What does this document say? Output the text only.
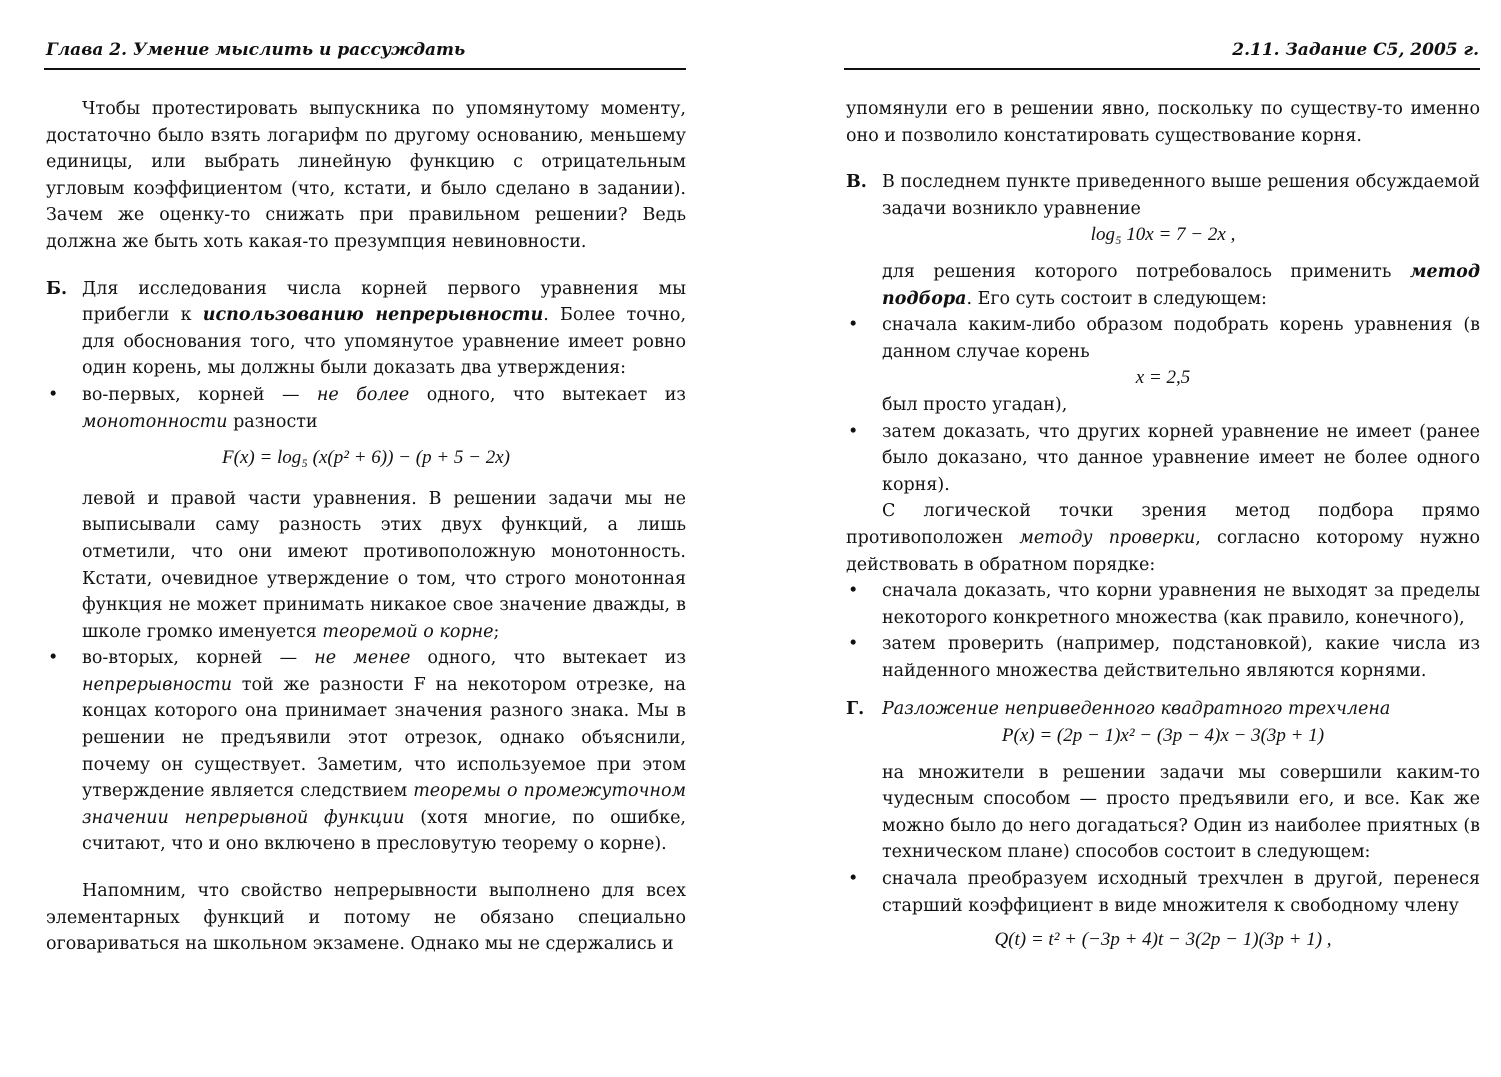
Глава 2. Умение мыслить и рассуждать

Чтобы протестировать выпускника по упомянутому моменту, достаточно было взять логарифм по другому основанию, меньшему единицы, или выбрать линейную функцию с отрицательным угловым коэффициентом (что, кстати, и было сделано в задании). Зачем же оценку-то снижать при правильном решении? Ведь должна же быть хоть какая-то презумпция невиновности.

Б. Для исследования числа корней первого уравнения мы прибегли к использованию непрерывности. Более точно, для обоснования того, что упомянутое уравнение имеет ровно один корень, мы должны были доказать два утверждения:
• во-первых, корней — не более одного, что вытекает из монотонности разности
F(x) = log₅ (x(p² + 6)) − (p + 5 − 2x)
левой и правой части уравнения. В решении задачи мы не выписывали саму разность этих двух функций, а лишь отметили, что они имеют противоположную монотонность. Кстати, очевидное утверждение о том, что строго монотонная функция не может принимать никакое свое значение дважды, в школе громко именуется теоремой о корне;
• во-вторых, корней — не менее одного, что вытекает из непрерывности той же разности F на некотором отрезке, на концах которого она принимает значения разного знака. Мы в решении не предъявили этот отрезок, однако объяснили, почему он существует. Заметим, что используемое при этом утверждение является следствием теоремы о промежуточном значении непрерывной функции (хотя многие, по ошибке, считают, что и оно включено в пресловутую теорему о корне).

Напомним, что свойство непрерывности выполнено для всех элементарных функций и потому не обязано специально оговариваться на школьном экзамене. Однако мы не сдержались и

2.11. Задание С5, 2005 г.

упомянули его в решении явно, поскольку по существу-то именно оно и позволило констатировать существование корня.

В. В последнем пункте приведенного выше решения обсуждаемой задачи возникло уравнение
log₅ 10x = 7 − 2x ,
для решения которого потребовалось применить метод подбора. Его суть состоит в следующем:
• сначала каким-либо образом подобрать корень уравнения (в данном случае корень
x = 2,5
был просто угадан),
• затем доказать, что других корней уравнение не имеет (ранее было доказано, что данное уравнение имеет не более одного корня).

С логической точки зрения метод подбора прямо противоположен методу проверки, согласно которому нужно действовать в обратном порядке:

• сначала доказать, что корни уравнения не выходят за пределы некоторого конкретного множества (как правило, конечного),
• затем проверить (например, подстановкой), какие числа из найденного множества действительно являются корнями.
Г. Разложение неприведенного квадратного трехчлена
P(x) = (2p − 1)x² − (3p − 4)x − 3(3p + 1)
на множители в решении задачи мы совершили каким-то чудесным способом — просто предъявили его, и все. Как же можно было до него догадаться? Один из наиболее приятных (в техническом плане) способов состоит в следующем:
• сначала преобразуем исходный трехчлен в другой, перенеся старший коэффициент в виде множителя к свободному члену
Q(t) = t² + (−3p + 4)t − 3(2p − 1)(3p + 1) ,
